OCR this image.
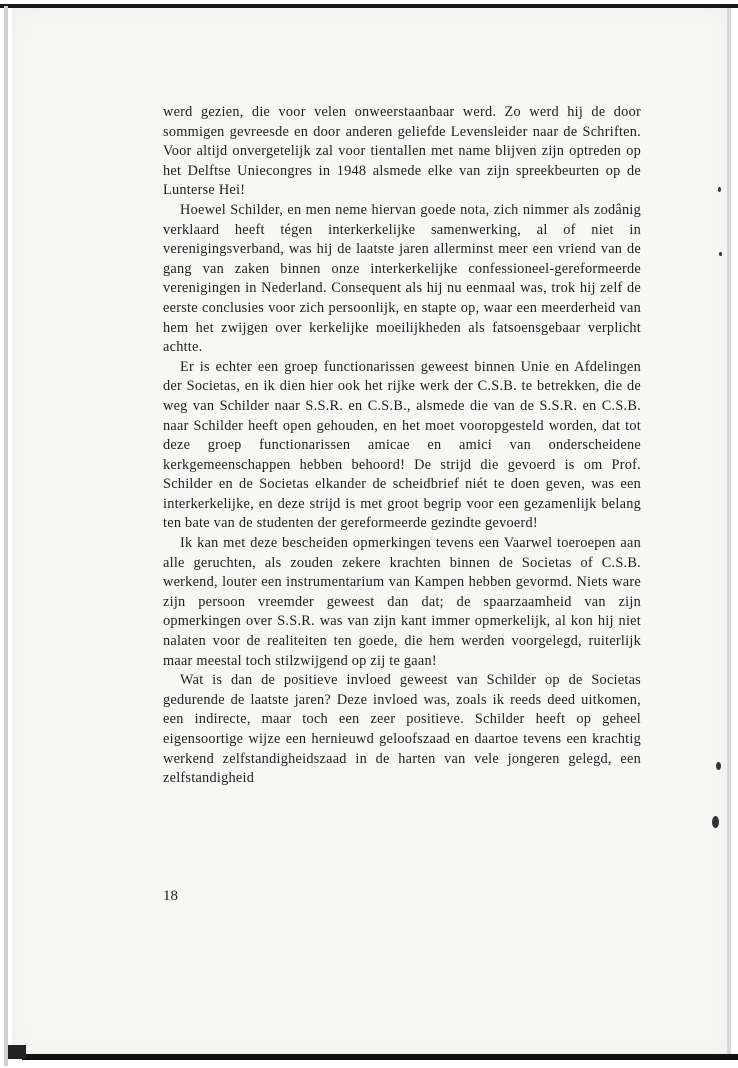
werd gezien, die voor velen onweerstaanbaar werd. Zo werd hij de door sommigen gevreesde en door anderen geliefde Levensleider naar de Schriften. Voor altijd onvergetelijk zal voor tientallen met name blijven zijn optreden op het Delftse Uniecongres in 1948 alsmede elke van zijn spreekbeurten op de Lunterse Hei!

Hoewel Schilder, en men neme hiervan goede nota, zich nimmer als zodânig verklaard heeft tégen interkerkelijke samenwerking, al of niet in verenigingsverband, was hij de laatste jaren allerminst meer een vriend van de gang van zaken binnen onze interkerkelijke confessioneel-gereformeerde verenigingen in Nederland. Consequent als hij nu eenmaal was, trok hij zelf de eerste conclusies voor zich persoonlijk, en stapte op, waar een meerderheid van hem het zwijgen over kerkelijke moeilijkheden als fatsoensgebaar verplicht achtte.

Er is echter een groep functionarissen geweest binnen Unie en Afdelingen der Societas, en ik dien hier ook het rijke werk der C.S.B. te betrekken, die de weg van Schilder naar S.S.R. en C.S.B., alsmede die van de S.S.R. en C.S.B. naar Schilder heeft open gehouden, en het moet vooropgesteld worden, dat tot deze groep functionarissen amicae en amici van onderscheidene kerkgemeenschappen hebben behoord! De strijd die gevoerd is om Prof. Schilder en de Societas elkander de scheidbrief niét te doen geven, was een interkerkelijke, en deze strijd is met groot begrip voor een gezamenlijk belang ten bate van de studenten der gereformeerde gezindte gevoerd!

Ik kan met deze bescheiden opmerkingen tevens een Vaarwel toeroepen aan alle geruchten, als zouden zekere krachten binnen de Societas of C.S.B. werkend, louter een instrumentarium van Kampen hebben gevormd. Niets ware zijn persoon vreemder geweest dan dat; de spaarzaamheid van zijn opmerkingen over S.S.R. was van zijn kant immer opmerkelijk, al kon hij niet nalaten voor de realiteiten ten goede, die hem werden voorgelegd, ruiterlijk maar meestal toch stilzwijgend op zij te gaan!

Wat is dan de positieve invloed geweest van Schilder op de Societas gedurende de laatste jaren? Deze invloed was, zoals ik reeds deed uitkomen, een indirecte, maar toch een zeer positieve. Schilder heeft op geheel eigensoortige wijze een hernieuwd geloofszaad en daartoe tevens een krachtig werkend zelfstandigheidszaad in de harten van vele jongeren gelegd, een zelfstandigheid

18
